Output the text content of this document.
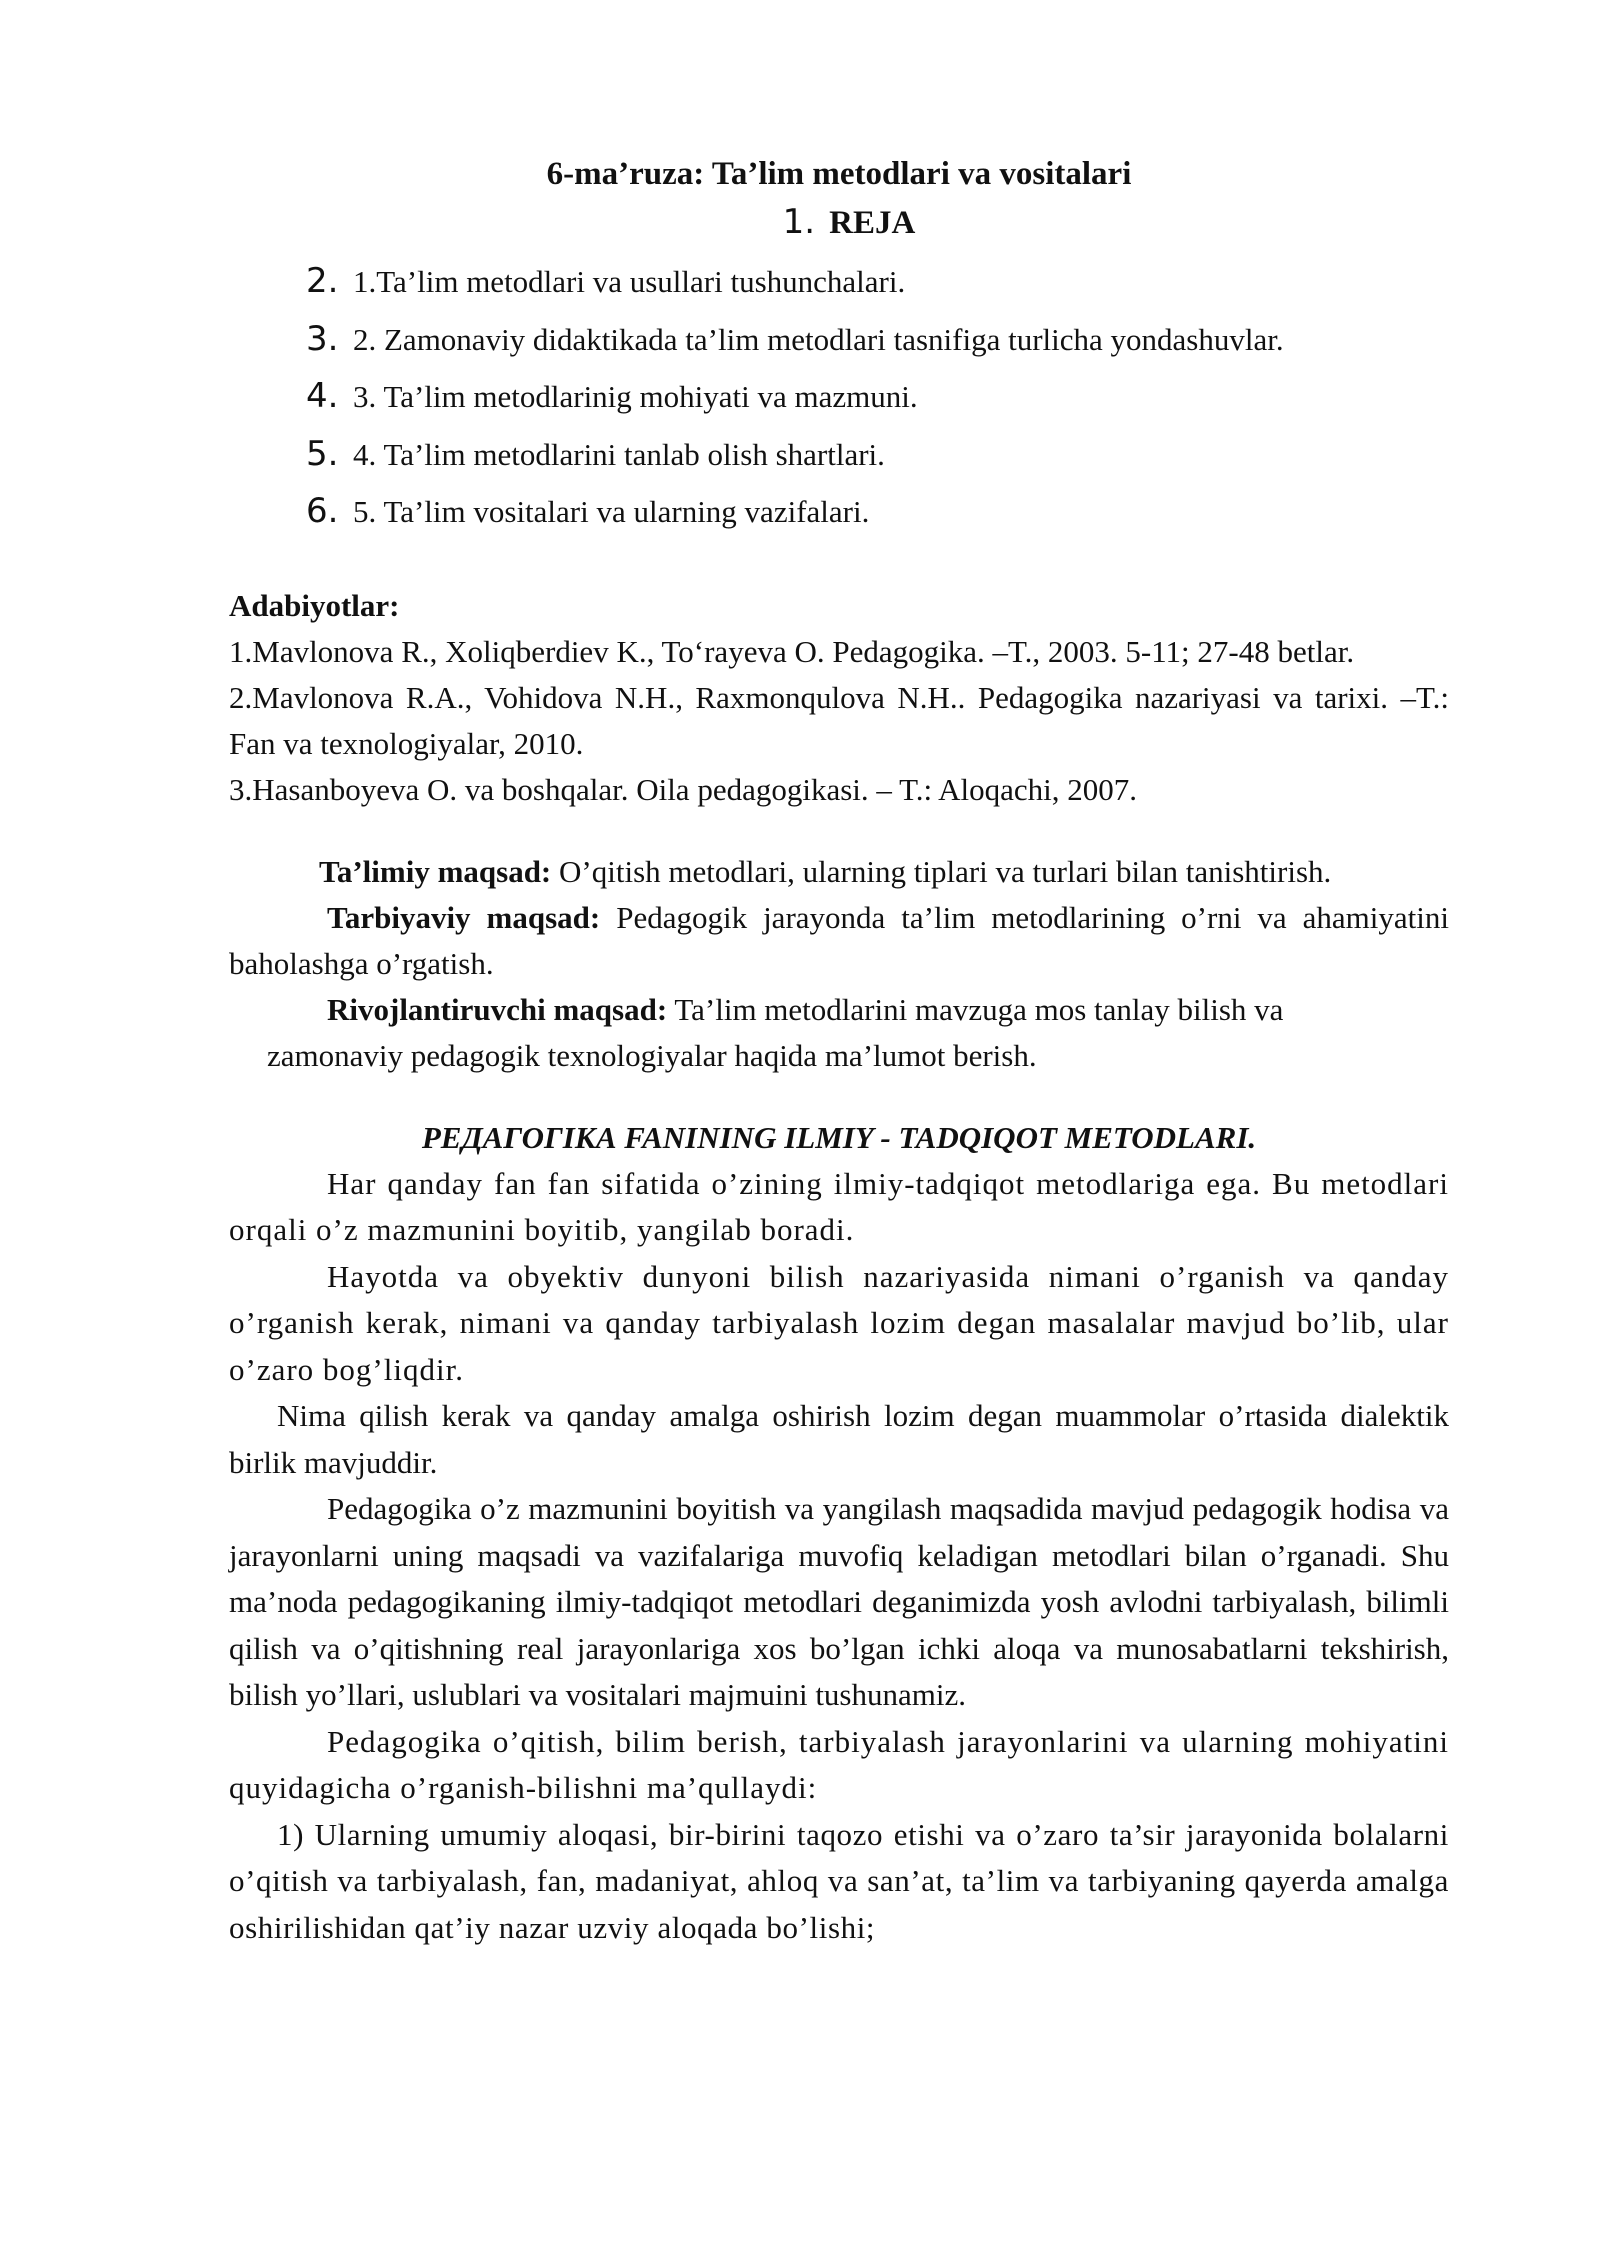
6-ma’ruza: Ta’lim metodlari va vositalari

1. REJA

2. 1.Ta’lim metodlari va usullari tushunchalari.
3. 2. Zamonaviy didaktikada ta’lim metodlari tasnifiga turlicha yondashuvlar.
4. 3. Ta’lim metodlarinig mohiyati va mazmuni.
5. 4. Ta’lim metodlarini tanlab olish shartlari.
6. 5. Ta’lim vositalari va ularning vazifalari.

Adabiyotlar:

1.Mavlonova R., Xoliqberdiev K., To‘rayeva O. Pedagogika. –T., 2003. 5-11; 27-48 betlar.

2.Mavlonova R.A., Vohidova N.H., Raxmonqulova N.H.. Pedagogika nazariyasi va tarixi. –T.: Fan va texnologiyalar, 2010.

3.Hasanboyeva O. va boshqalar. Oila pedagogikasi. – T.: Aloqachi, 2007.

Ta’limiy maqsad: O’qitish metodlari, ularning tiplari va turlari bilan tanishtirish.

Tarbiyaviy maqsad: Pedagogik jarayonda ta’lim metodlarining o’rni va ahamiyatini baholashga o’rgatish.

Rivojlantiruvchi maqsad: Ta’lim metodlarini mavzuga mos tanlay bilish va

zamonaviy pedagogik texnologiyalar haqida ma’lumot berish.

РЕДАГОГIКА FANINING ILMIY - TADQIQOT METODLARI.

Har qanday fan fan sifatida o’zining ilmiy-tadqiqot metodlariga ega. Bu metodlari orqali o’z mazmunini boyitib, yangilab boradi.

Hayotda va obyektiv dunyoni bilish nazariyasida nimani o’rganish va qanday o’rganish kerak, nimani va qanday tarbiyalash lozim degan masalalar mavjud bo’lib, ular o’zaro bog’liqdir.

Nima qilish kerak va qanday amalga oshirish lozim degan muammolar o’rtasida dialektik birlik mavjuddir.

Pedagogika o’z mazmunini boyitish va yangilash maqsadida mavjud pedagogik hodisa va jarayonlarni uning maqsadi va vazifalariga muvofiq keladigan metodlari bilan o’rganadi. Shu ma’noda pedagogikaning ilmiy-tadqiqot metodlari deganimizda yosh avlodni tarbiyalash, bilimli qilish va o’qitishning real jarayonlariga xos bo’lgan ichki aloqa va munosabatlarni tekshirish, bilish yo’llari, uslublari va vositalari majmuini tushunamiz.

Pedagogika o’qitish, bilim berish, tarbiyalash jarayonlarini va ularning mohiyatini quyidagicha o’rganish-bilishni ma’qullaydi:

1) Ularning umumiy aloqasi, bir-birini taqozo etishi va o’zaro ta’sir jarayonida bolalarni o’qitish va tarbiyalash, fan, madaniyat, ahloq va san’at, ta’lim va tarbiyaning qayerda amalga oshirilishidan qat’iy nazar uzviy aloqada bo’lishi;
